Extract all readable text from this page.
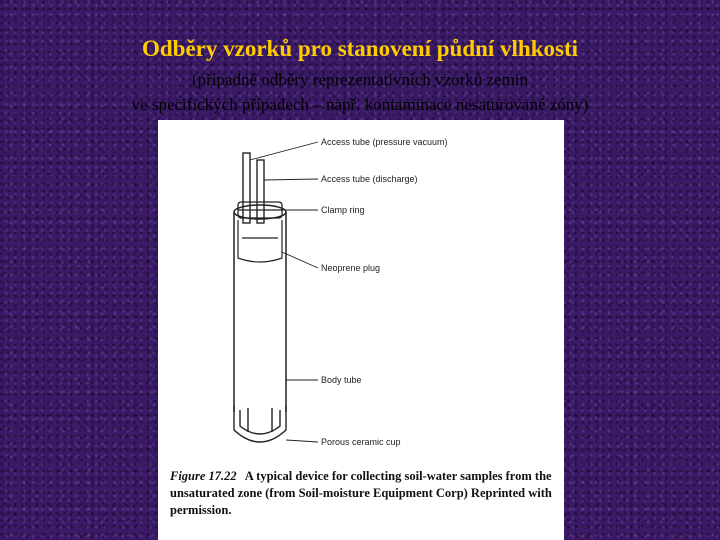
Odběry vzorků pro stanovení půdní vlhkosti
(případně odběry reprezentativních vzorků zemin
ve specifických případech – např. kontaminace nesaturované zóny)
Access tube (pressure vacuum)
Access tube (discharge)
Clamp ring
Neoprene plug
Body tube
Porous ceramic cup
Figure 17.22 A typical device for collecting soil-water samples from the unsaturated zone (from Soil-moisture Equipment Corp) Reprinted with permission.
